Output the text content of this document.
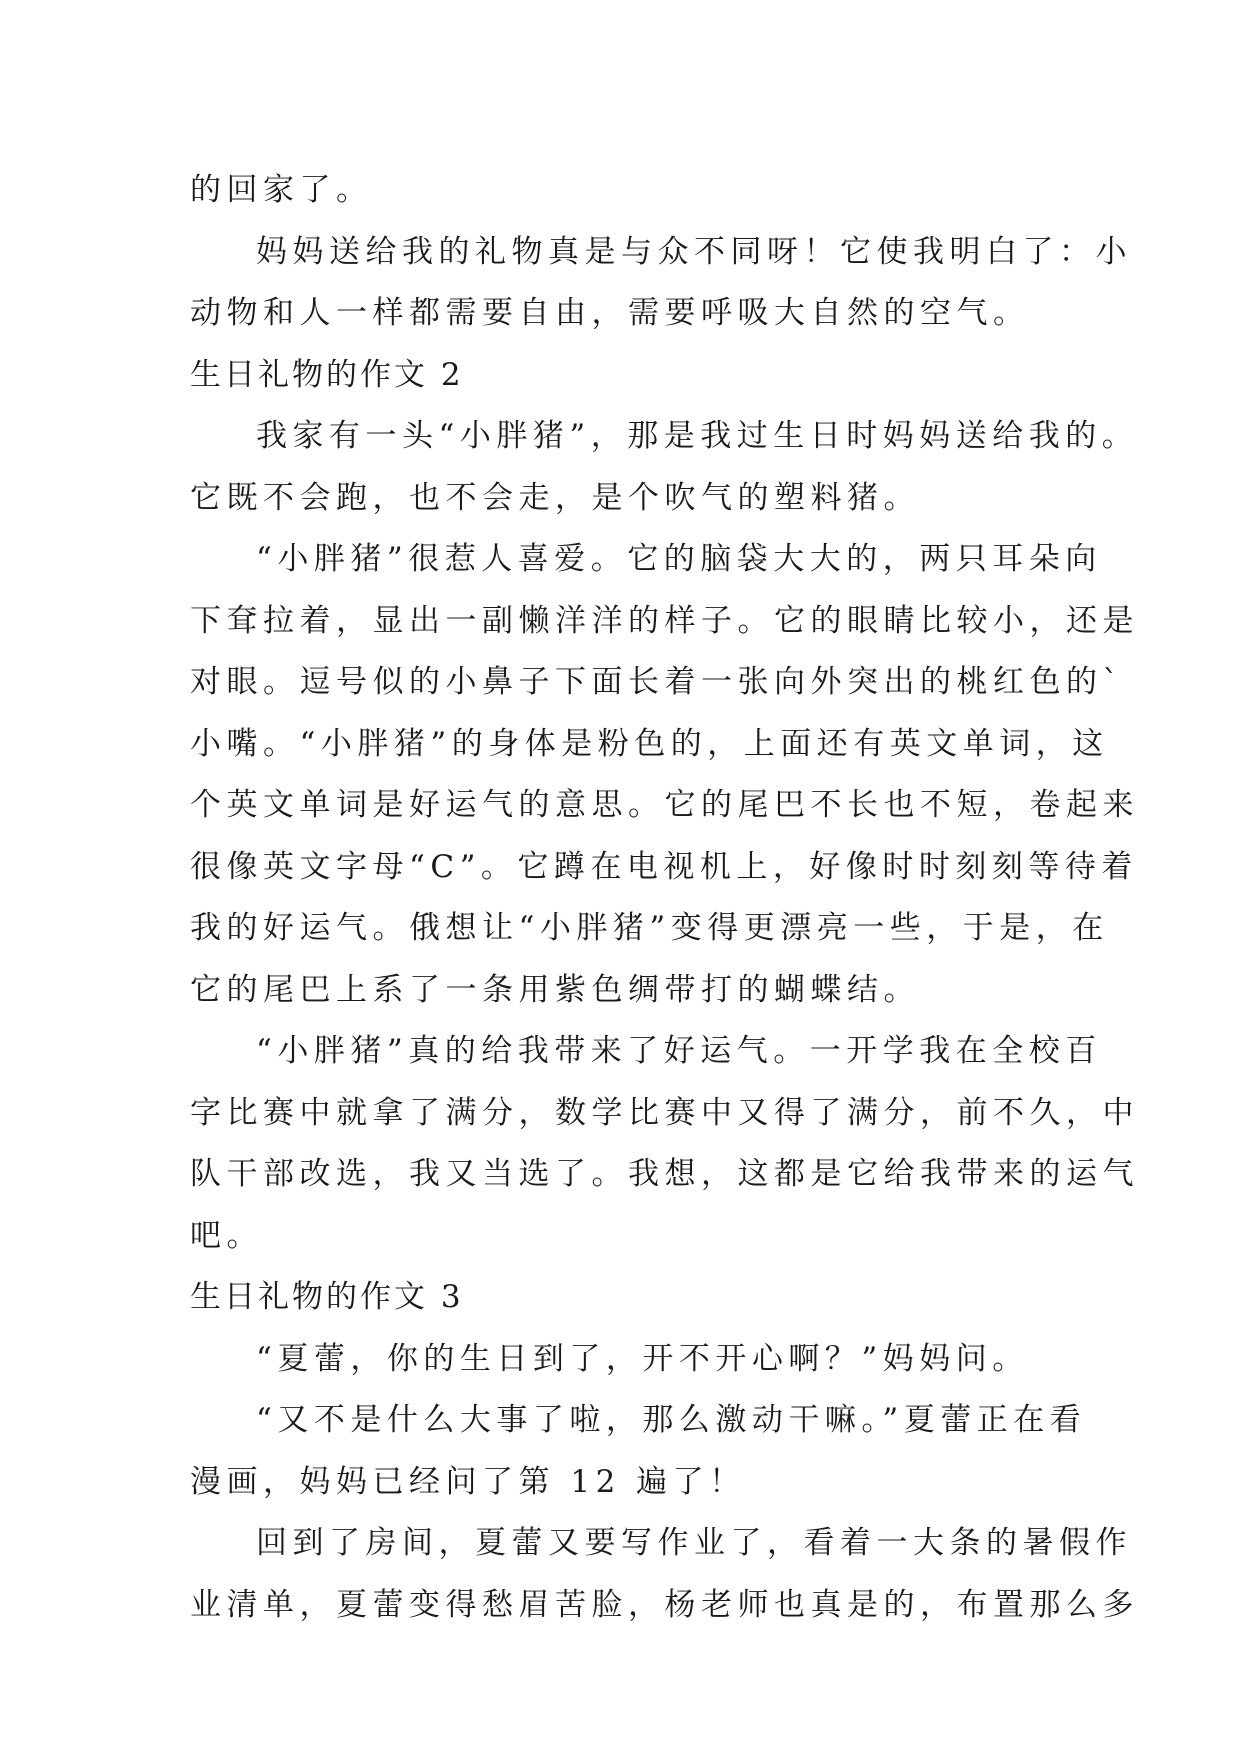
的回家了。
妈妈送给我的礼物真是与众不同呀！它使我明白了：小
动物和人一样都需要自由，需要呼吸大自然的空气。
生日礼物的作文 2
我家有一头“小胖猪”，那是我过生日时妈妈送给我的。
它既不会跑，也不会走，是个吹气的塑料猪。
“小胖猪”很惹人喜爱。它的脑袋大大的，两只耳朵向
下耷拉着，显出一副懒洋洋的样子。它的眼睛比较小，还是
对眼。逗号似的小鼻子下面长着一张向外突出的桃红色的`
小嘴。“小胖猪”的身体是粉色的，上面还有英文单词，这
个英文单词是好运气的意思。它的尾巴不长也不短，卷起来
很像英文字母“C”。它蹲在电视机上，好像时时刻刻等待着
我的好运气。俄想让“小胖猪”变得更漂亮一些，于是，在
它的尾巴上系了一条用紫色绸带打的蝴蝶结。
“小胖猪”真的给我带来了好运气。一开学我在全校百
字比赛中就拿了满分，数学比赛中又得了满分，前不久，中
队干部改选，我又当选了。我想，这都是它给我带来的运气
吧。
生日礼物的作文 3
“夏蕾，你的生日到了，开不开心啊？”妈妈问。
“又不是什么大事了啦，那么激动干嘛。”夏蕾正在看
漫画，妈妈已经问了第 12 遍了！
回到了房间，夏蕾又要写作业了，看着一大条的暑假作
业清单，夏蕾变得愁眉苦脸，杨老师也真是的，布置那么多
